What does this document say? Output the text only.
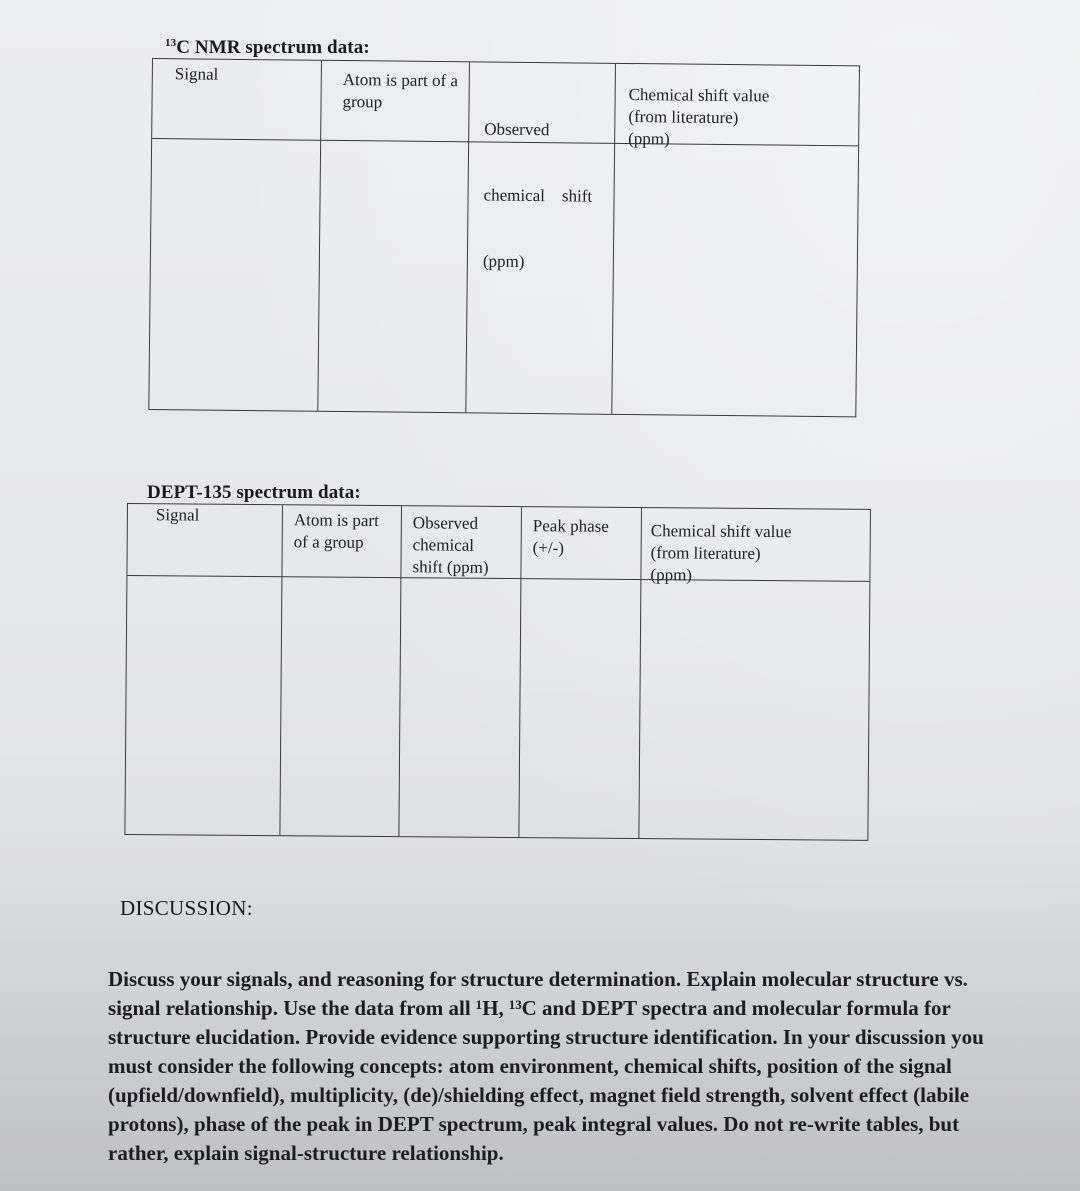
$^{13}$C NMR spectrum data:
Signal	Atom is part of a
group

Observed

chemical    shift

(ppm)

Chemical shift value
(from literature)
(ppm)
DEPT-135 spectrum data:
Signal	Atom is part
of a group
Observed
chemical
shift (ppm)
Peak phase
(+/-)
Chemical shift value
(from literature)
(ppm)
DISCUSSION:
Discuss your signals, and reasoning for structure determination. Explain molecular structure vs.
signal relationship. Use the data from all ¹H, ¹³C and DEPT spectra and molecular formula for
structure elucidation. Provide evidence supporting structure identification. In your discussion you
must consider the following concepts: atom environment, chemical shifts, position of the signal
(upfield/downfield), multiplicity, (de)/shielding effect, magnet field strength, solvent effect (labile
protons), phase of the peak in DEPT spectrum, peak integral values. Do not re-write tables, but
rather, explain signal-structure relationship.
